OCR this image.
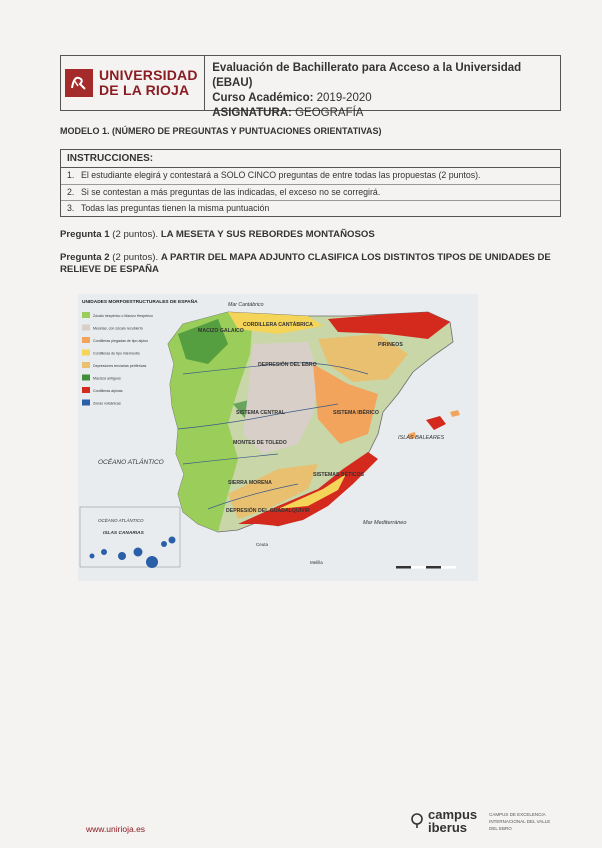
UNIVERSIDAD
DE LA RIOJA
Evaluación de Bachillerato para Acceso a la Universidad (EBAU)
Curso Académico: 2019-2020
ASIGNATURA: GEOGRAFÍA
MODELO 1. (NÚMERO DE PREGUNTAS Y PUNTUACIONES ORIENTATIVAS)
INSTRUCCIONES:
1. El estudiante elegirá y contestará a SOLO CINCO preguntas de entre todas las propuestas (2 puntos).
2. Si se contestan a más preguntas de las indicadas, el exceso no se corregirá.
3. Todas las preguntas tienen la misma puntuación
Pregunta 1 (2 puntos). LA MESETA Y SUS REBORDES MONTAÑOSOS
Pregunta 2 (2 puntos). A PARTIR DEL MAPA ADJUNTO CLASIFICA LOS DISTINTOS TIPOS DE UNIDADES DE RELIEVE DE ESPAÑA
UNIDADES MORFOESTRUCTURALES DE ESPAÑA
Zócalo hespérico o Macizo Hespérico
Mesetas, con zócalo recubierto
Cordilleras plegadas de tipo alpino
Cordilleras de tipo intermedio
Depresiones terciarias periféricas
Macizos antiguos
Cordilleras alpinas
Zonas volcánicas
Mar Cantábrico
MACIZO GALAICO
CORDILLERA CANTÁBRICA
PIRINEOS
DEPRESIÓN DEL EBRO
SISTEMA IBÉRICO
SISTEMA CENTRAL
MONTES DE TOLEDO
SIERRA MORENA
DEPRESIÓN DEL GUADALQUIVIR
SISTEMAS BÉTICOS
OCÉANO ATLÁNTICO
OCÉANO ATLÁNTICO
ISLAS CANARIAS
ISLAS BALEARES
Mar Mediterráneo
Ceuta
Melilla
www.unirioja.es
campus
iberus
CAMPUS DE EXCELENCIA INTERNACIONAL DEL VALLE DEL EBRO
